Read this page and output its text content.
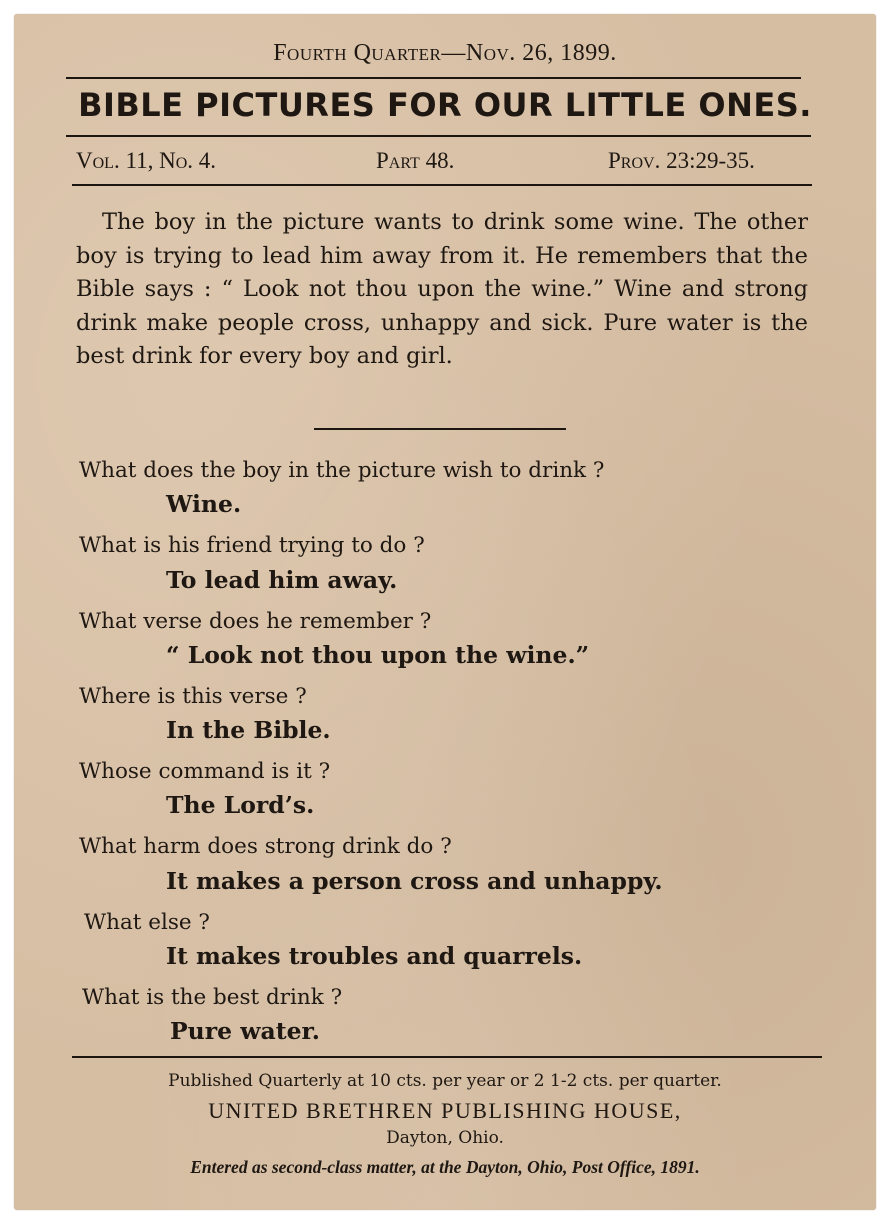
Fourth Quarter—Nov. 26, 1899.
BIBLE PICTURES FOR OUR LITTLE ONES.
Vol. 11, No. 4.	Part 48.	Prov. 23:29-35.
The boy in the picture wants to drink some wine. The other boy is trying to lead him away from it. He remembers that the Bible says : “ Look not thou upon the wine.” Wine and strong drink make people cross, unhappy and sick. Pure water is the best drink for every boy and girl.
What does the boy in the picture wish to drink ?
Wine.
What is his friend trying to do ?
To lead him away.
What verse does he remember ?
“ Look not thou upon the wine.”
Where is this verse ?
In the Bible.
Whose command is it ?
The Lord’s.
What harm does strong drink do ?
It makes a person cross and unhappy.
What else ?
It makes troubles and quarrels.
What is the best drink ?
Pure water.
Published Quarterly at 10 cts. per year or 2 1-2 cts. per quarter.
UNITED BRETHREN PUBLISHING HOUSE,
Dayton, Ohio.
Entered as second-class matter, at the Dayton, Ohio, Post Office, 1891.
